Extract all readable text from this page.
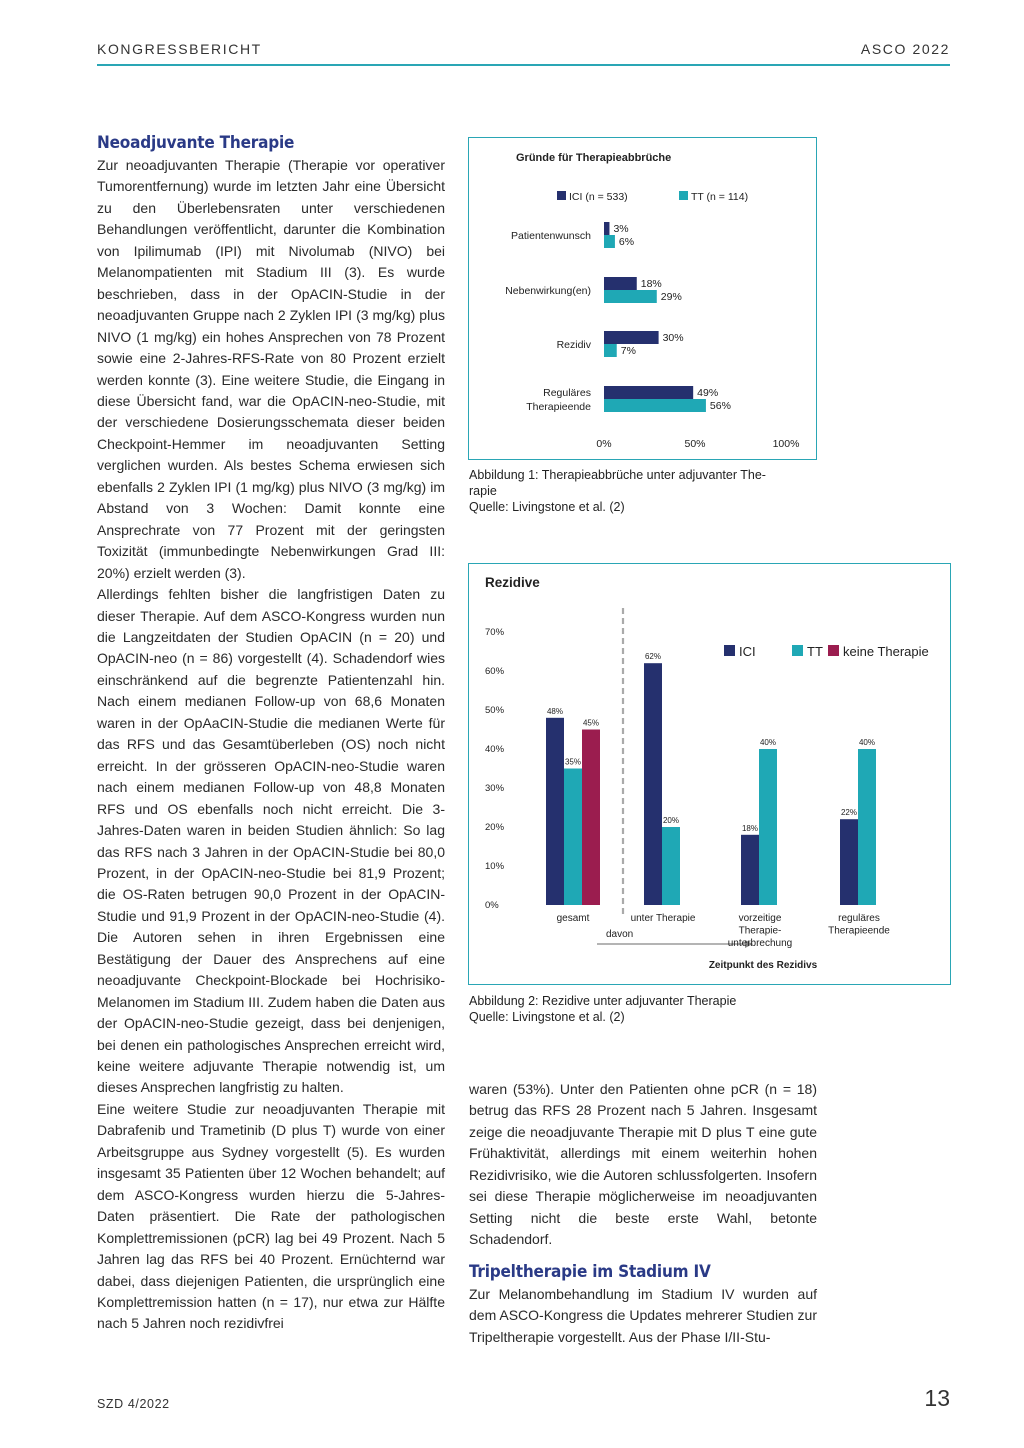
KONGRESSBERICHT	ASCO 2022
Neoadjuvante Therapie

Zur neoadjuvanten Therapie (Therapie vor operativer Tumorentfernung) wurde im letzten Jahr eine Übersicht zu den Überlebensraten unter verschiedenen Behandlungen veröffentlicht, darunter die Kombination von Ipilimumab (IPI) mit Nivolumab (NIVO) bei Melanompatienten mit Stadium III (3). Es wurde beschrieben, dass in der OpACIN-Studie in der neoadjuvanten Gruppe nach 2 Zyklen IPI (3 mg/kg) plus NIVO (1 mg/kg) ein hohes Ansprechen von 78 Prozent sowie eine 2-Jahres-RFS-Rate von 80 Prozent erzielt werden konnte (3). Eine weitere Studie, die Eingang in diese Übersicht fand, war die OpACIN-neo-Studie, mit der verschiedene Dosierungsschemata dieser beiden Checkpoint-Hemmer im neoadjuvanten Setting verglichen wurden. Als bestes Schema erwiesen sich ebenfalls 2 Zyklen IPI (1 mg/kg) plus NIVO (3 mg/kg) im Abstand von 3 Wochen: Damit konnte eine Ansprechrate von 77 Prozent mit der geringsten Toxizität (immunbedingte Nebenwirkungen Grad III: 20%) erzielt werden (3).

Allerdings fehlten bisher die langfristigen Daten zu dieser Therapie. Auf dem ASCO-Kongress wurden nun die Langzeitdaten der Studien OpACIN (n = 20) und OpACIN-neo (n = 86) vorgestellt (4). Schadendorf wies einschränkend auf die begrenzte Patientenzahl hin. Nach einem medianen Follow-up von 68,6 Monaten waren in der OpAaCIN-Studie die medianen Werte für das RFS und das Gesamtüberleben (OS) noch nicht erreicht. In der grösseren OpACIN-neo-Studie waren nach einem medianen Follow-up von 48,8 Monaten RFS und OS ebenfalls noch nicht erreicht. Die 3-Jahres-Daten waren in beiden Studien ähnlich: So lag das RFS nach 3 Jahren in der OpACIN-Studie bei 80,0 Prozent, in der OpACIN-neo-Studie bei 81,9 Prozent; die OS-Raten betrugen 90,0 Prozent in der OpACIN-Studie und 91,9 Prozent in der OpACIN-neo-Studie (4). Die Autoren sehen in ihren Ergebnissen eine Bestätigung der Dauer des Ansprechens auf eine neoadjuvante Checkpoint-Blockade bei Hochrisiko-Melanomen im Stadium III. Zudem haben die Daten aus der OpACIN-neo-Studie gezeigt, dass bei denjenigen, bei denen ein pathologisches Ansprechen erreicht wird, keine weitere adjuvante Therapie notwendig ist, um dieses Ansprechen langfristig zu halten.

Eine weitere Studie zur neoadjuvanten Therapie mit Dabrafenib und Trametinib (D plus T) wurde von einer Arbeitsgruppe aus Sydney vorgestellt (5). Es wurden insgesamt 35 Patienten über 12 Wochen behandelt; auf dem ASCO-Kongress wurden hierzu die 5-Jahres-Daten präsentiert. Die Rate der pathologischen Komplettremissionen (pCR) lag bei 49 Prozent. Nach 5 Jahren lag das RFS bei 40 Prozent. Ernüchternd war dabei, dass diejenigen Patienten, die ursprünglich eine Komplettremission hatten (n = 17), nur etwa zur Hälfte nach 5 Jahren noch rezidivfrei

Gründe für Therapieabbrüche
ICI (n = 533)	TT (n = 114)
Patientenwunsch
3%
6%
Nebenwirkung(en)
18%
29%
Rezidiv
30%
7%
Reguläres
Therapieende
49%
56%
0%	50%	100%
Abbildung 1: Therapieabbrüche unter adjuvanter The-
rapie
Quelle: Livingstone et al. (2)
Rezidive
0%
10%
20%
30%
40%
50%
60%
70%
davon
48%
35%
45%
gesamt
62%
20%
unter Therapie
18%
40%
vorzeitige
Therapie-
unterbrechung
22%
40%
reguläres
Therapieende
ICI	TT keine Therapie
Zeitpunkt des Rezidivs
Abbildung 2: Rezidive unter adjuvanter Therapie
Quelle: Livingstone et al. (2)

waren (53%). Unter den Patienten ohne pCR (n = 18) betrug das RFS 28 Prozent nach 5 Jahren. Insgesamt zeige die neoadjuvante Therapie mit D plus T eine gute Frühaktivität, allerdings mit einem weiterhin hohen Rezidivrisiko, wie die Autoren schlussfolgerten. Insofern sei diese Therapie möglicherweise im neoadjuvanten Setting nicht die beste erste Wahl, betonte Schadendorf.

Tripeltherapie im Stadium IV

Zur Melanombehandlung im Stadium IV wurden auf dem ASCO-Kongress die Updates mehrerer Studien zur Tripeltherapie vorgestellt. Aus der Phase I/II-Stu-

SZD 4/2022	13
